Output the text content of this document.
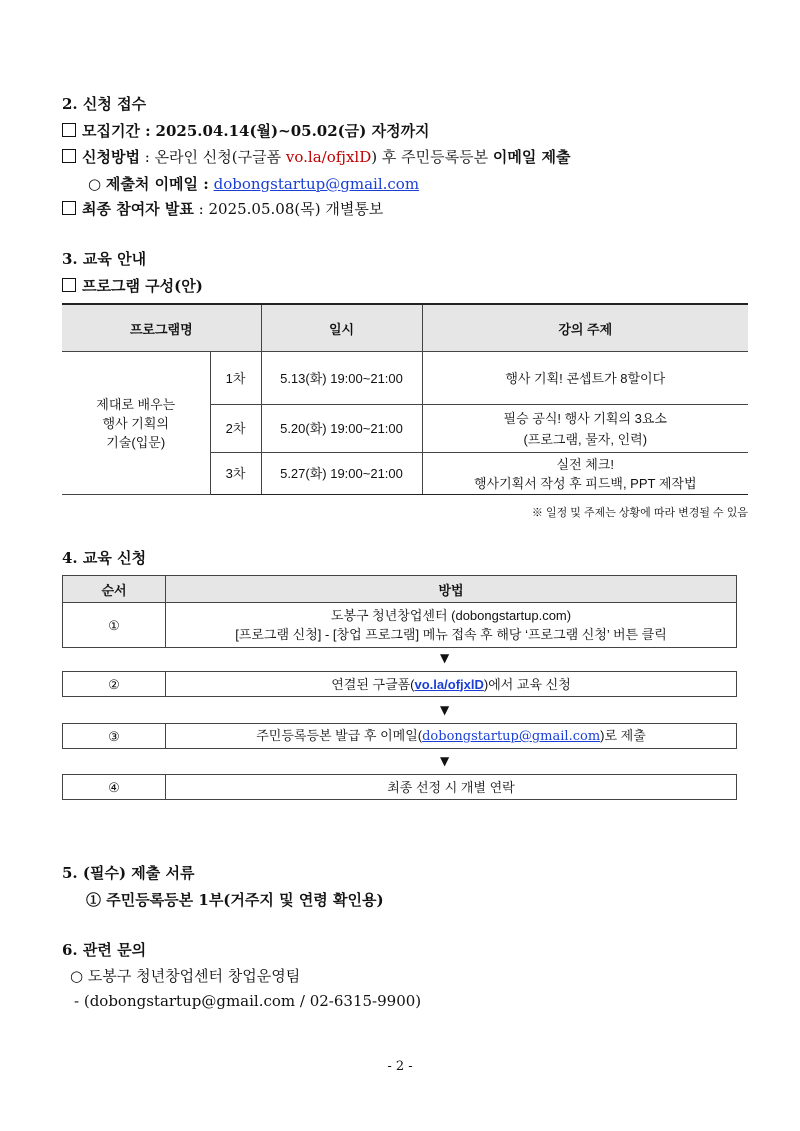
2. 신청 접수
모집기간 : 2025.04.14(월)~05.02(금) 자정까지
신청방법 : 온라인 신청(구글폼 vo.la/ofjxlD) 후 주민등록등본 이메일 제출
○ 제출처 이메일 : dobongstartup@gmail.com
최종 참여자 발표 : 2025.05.08(목) 개별통보
3. 교육 안내
프로그램 구성(안)
프로그램명		일시	강의 주제
제대로 배우는
행사 기획의
기술(입문)	1차	5.13(화) 19:00~21:00	행사 기획! 콘셉트가 8할이다
	2차	5.20(화) 19:00~21:00	필승 공식! 행사 기획의 3요소
(프로그램, 물자, 인력)
	3차	5.27(화) 19:00~21:00	실전 체크!
행사기획서 작성 후 피드백, PPT 제작법
※ 일정 및 주제는 상황에 따라 변경될 수 있음
4. 교육 신청
순서	방법
①	도봉구 청년창업센터 (dobongstartup.com)
[프로그램 신청] - [창업 프로그램] 메뉴 접속 후 해당 ‘프로그램 신청’ 버튼 클릭
▼
②	연결된 구글폼(vo.la/ofjxlD)에서 교육 신청
▼
③	주민등록등본 발급 후 이메일(dobongstartup@gmail.com)로 제출
▼
④	최종 선정 시 개별 연락
5. (필수) 제출 서류
① 주민등록등본 1부(거주지 및 연령 확인용)
6. 관련 문의
○ 도봉구 청년창업센터 창업운영팀
- (dobongstartup@gmail.com / 02-6315-9900)
- 2 -
